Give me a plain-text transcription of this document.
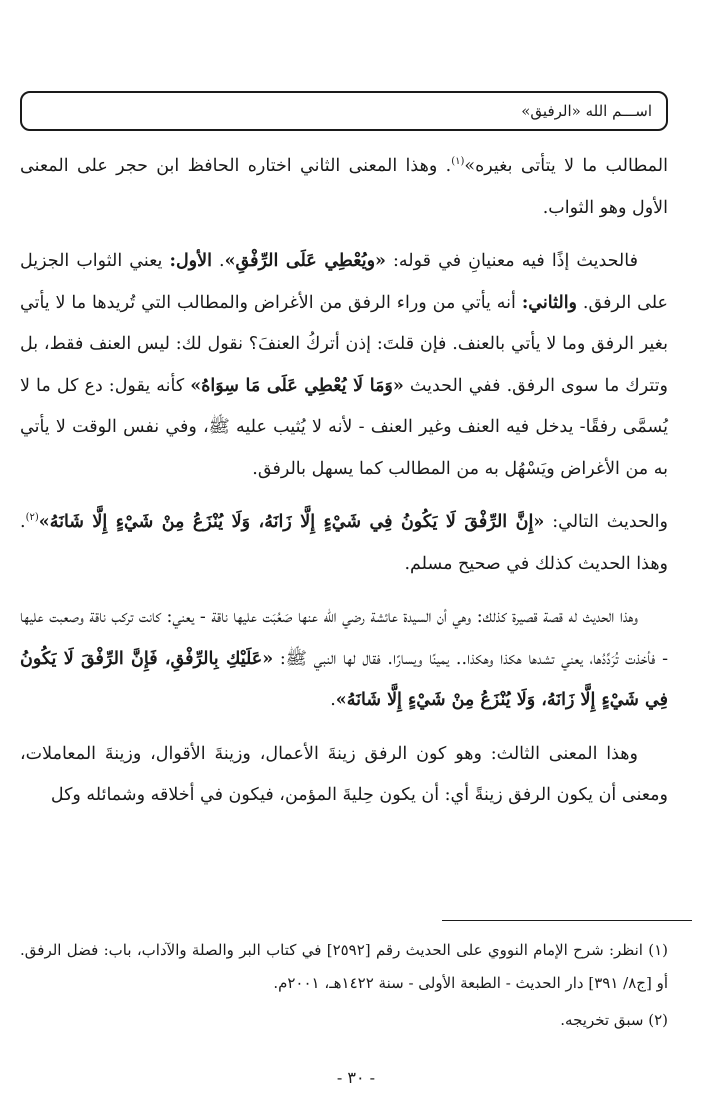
اســـم الله «الرفيق»

المطالب ما لا يتأتى بغيره»$^{(١)}$. وهذا المعنى الثاني اختاره الحافظ ابن حجر على المعنى الأول وهو الثواب.

فالحديث إذًا فيه معنيانِ في قوله: «ويُعْطِي عَلَى الرِّفْقِ». الأول: يعني الثواب الجزيل على الرفق. والثاني: أنه يأتي من وراء الرفق من الأغراض والمطالب التي تُريدها ما لا يأتي بغير الرفق وما لا يأتي بالعنف. فإن قلتَ: إذن أتركُ العنفَ؟ نقول لك: ليس العنف فقط، بل وتترك ما سوى الرفق. ففي الحديث «وَمَا لَا يُعْطِي عَلَى مَا سِوَاهُ» كأنه يقول: دع كل ما لا يُسمَّى رفقًا- يدخل فيه العنف وغير العنف - لأنه لا يُثيب عليه ﷺ، وفي نفس الوقت لا يأتي به من الأغراض ويَسْهُل به من المطالب كما يسهل بالرفق.

والحديث التالي: «إِنَّ الرِّفْقَ لَا يَكُونُ فِي شَيْءٍ إِلَّا زَانَهُ، وَلَا يُنْزَعُ مِنْ شَيْءٍ إِلَّا شَانَهُ»$^{(٢)}$. وهذا الحديث كذلك في صحيح مسلم.

وهذا الحديث له قصة قصيرة كذلك: وهي أن السيدة عائشة رضي الله عنها صَعُبَت عليها ناقة - يعني: كانت تركب ناقة وصعبت عليها - فأخذت تُرَدِّدُها، يعني تشدها هكذا وهكذا.. يمينًا ويسارًا. فقال لها النبي ﷺ: «عَلَيْكِ بِالرِّفْقِ، فَإِنَّ الرِّفْقَ لَا يَكُونُ فِي شَيْءٍ إِلَّا زَانَهُ، وَلَا يُنْزَعُ مِنْ شَيْءٍ إِلَّا شَانَهُ».

وهذا المعنى الثالث: وهو كون الرفق زينةَ الأعمال، وزينةَ الأقوال، وزينةَ المعاملات، ومعنى أن يكون الرفق زينةً أي: أن يكون حِليةَ المؤمن، فيكون في أخلاقه وشمائله وكل

(١) انظر: شرح الإمام النووي على الحديث رقم [٢٥٩٢] في كتاب البر والصلة والآداب، باب: فضل الرفق. أو [ج٨/ ٣٩١] دار الحديث - الطبعة الأولى - سنة ١٤٢٢هـ، ٢٠٠١م.

(٢) سبق تخريجه.

- ٣٠ -
